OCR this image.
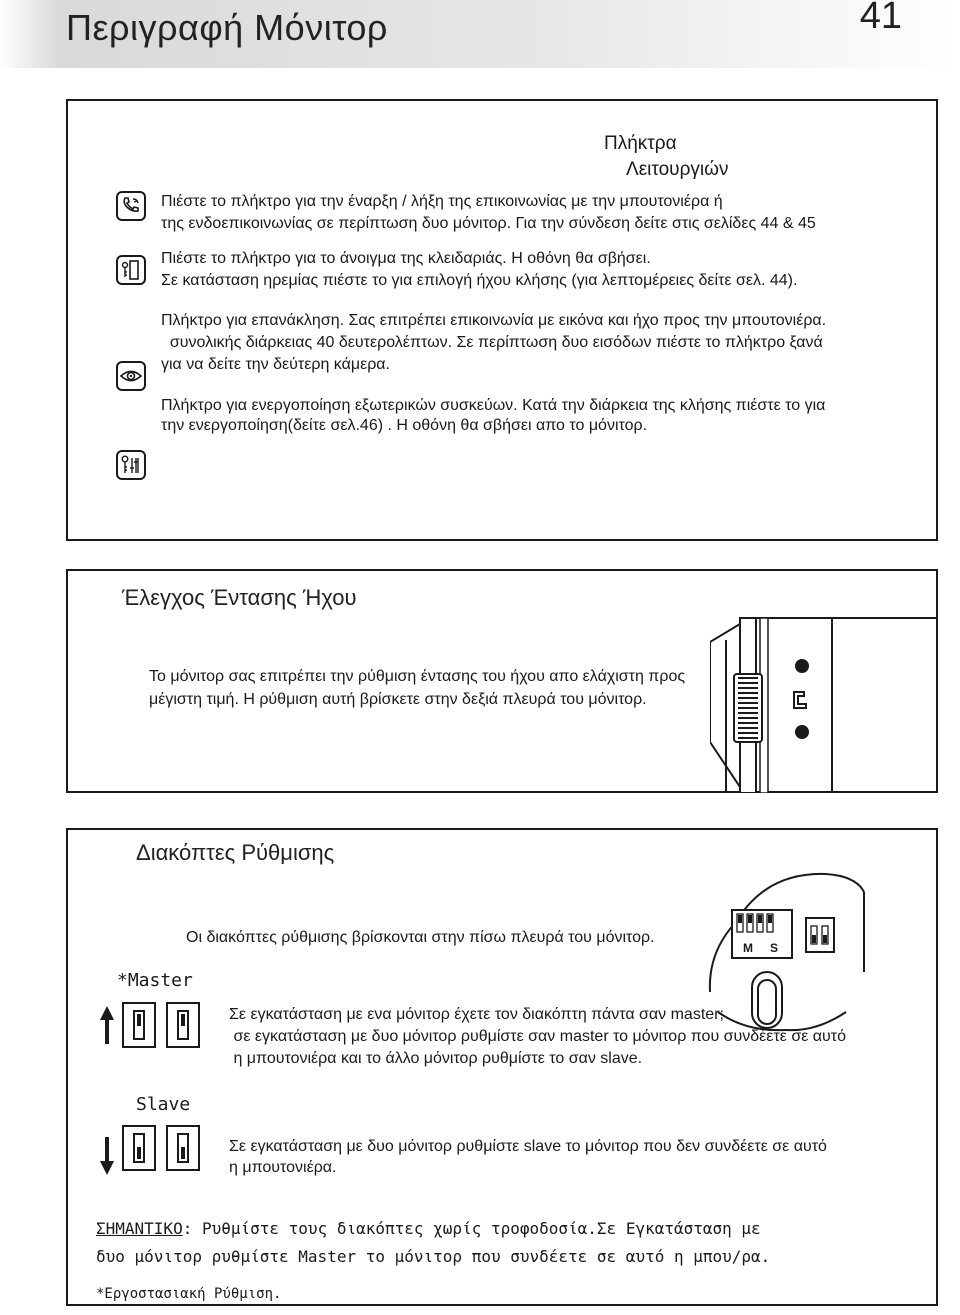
Περιγραφή Μόνιτορ	41
Πλήκτρα
Λειτουργιών
Πιέστε το πλήκτρο για την έναρξη / λήξη της επικοινωνίας με την μπουτονιέρα ή
της ενδοεπικοινωνίας σε περίπτωση δυο μόνιτορ. Για την σύνδεση δείτε στις σελίδες 44 & 45
Πιέστε το πλήκτρο για το άνοιγμα της κλειδαριάς. Η οθόνη θα σβήσει.
Σε κατάσταση ηρεμίας πιέστε το για επιλογή ήχου κλήσης (για λεπτομέρειες δείτε σελ. 44).
Πλήκτρο για επανάκληση. Σας επιτρέπει επικοινωνία με εικόνα και ήχο προς την μπουτονιέρα.
συνολικής διάρκειας 40 δευτερολέπτων. Σε περίπτωση δυο εισόδων πιέστε το πλήκτρο ξανά
για να δείτε την δεύτερη κάμερα.
Πλήκτρο για ενεργοποίηση εξωτερικών συσκεύων. Κατά την διάρκεια της κλήσης πιέστε το για
την ενεργοποίηση(δείτε σελ.46) . Η οθόνη θα σβήσει απο το μόνιτορ.
Έλεγχος Έντασης Ήχου
Το μόνιτορ σας επιτρέπει την ρύθμιση έντασης του ήχου απο ελάχιστη προς
μέγιστη τιμή. Η ρύθμιση αυτή βρίσκετε στην δεξιά πλευρά του μόνιτορ.
Διακόπτες Ρύθμισης
Οι διακόπτες ρύθμισης βρίσκονται στην πίσω πλευρά του μόνιτορ.
M S
*Master
Σε εγκατάσταση με ενα μόνιτορ έχετε τον διακόπτη πάντα σαν master;
σε εγκατάσταση με δυο μόνιτορ ρυθμίστε σαν master το μόνιτορ που συνδέετε σε αυτό
η μπουτονιέρα και το άλλο μόνιτορ ρυθμίστε το σαν slave.
Slave
Σε εγκατάσταση με δυο μόνιτορ ρυθμίστε slave το μόνιτορ που δεν συνδέετε σε αυτό
η μπουτονιέρα.
ΣΗΜΑΝΤΙΚΟ: Ρυθμίστε τους διακόπτες χωρίς τροφοδοσία.Σε Εγκατάσταση με
δυο μόνιτορ ρυθμίστε Master το μόνιτορ που συνδέετε σε αυτό η μπου/ρα.
*Εργοστασιακή Ρύθμιση.
